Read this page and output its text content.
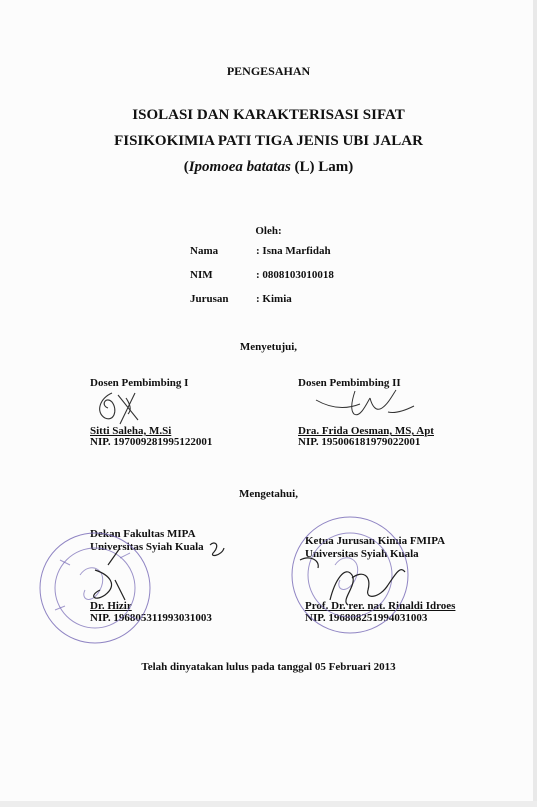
PENGESAHAN
ISOLASI DAN KARAKTERISASI SIFAT
FISIKOKIMIA PATI TIGA JENIS UBI JALAR
(Ipomoea batatas (L) Lam)
Oleh:
Nama	: Isna Marfidah
NIM	: 0808103010018
Jurusan : Kimia
Menyetujui,
Dosen Pembimbing I
Sitti Saleha, M.Si
NIP. 197009281995122001
Dosen Pembimbing II
Dra. Frida Oesman, MS, Apt
NIP. 195006181979022001
Mengetahui,
Dekan Fakultas MIPA
Universitas Syiah Kuala
Dr. Hizir
NIP. 196805311993031003
Ketua Jurusan Kimia FMIPA
Universitas Syiah Kuala
Prof. Dr. rer. nat. Rinaldi Idroes
NIP. 196808251994031003
Telah dinyatakan lulus pada tanggal 05 Februari 2013
